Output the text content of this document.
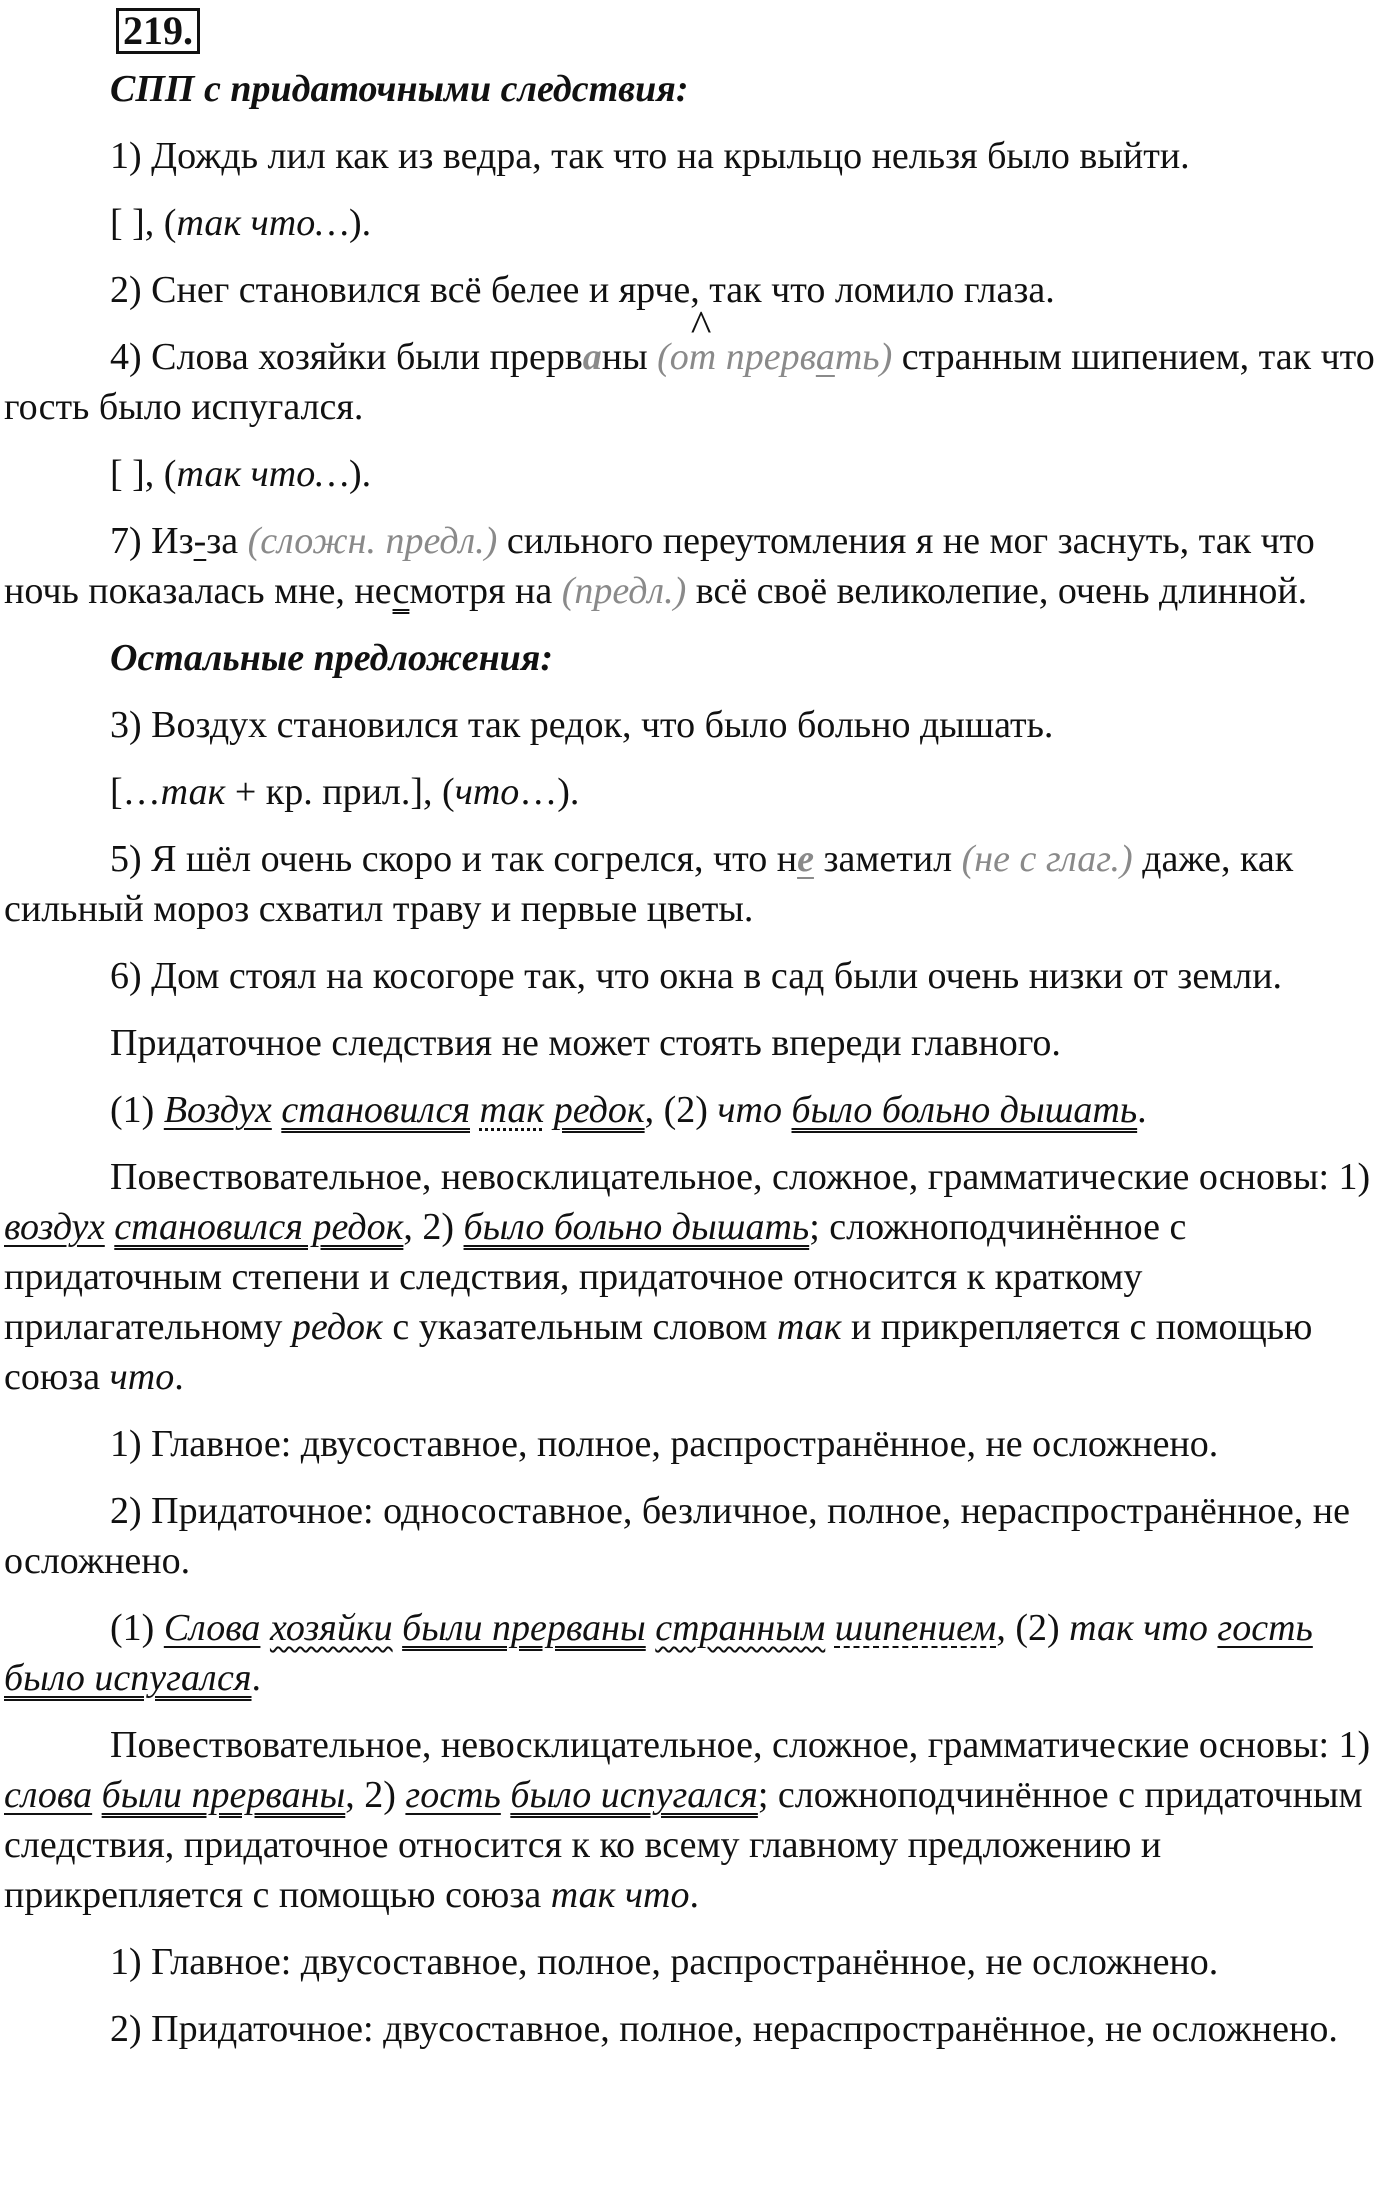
219.

СПП с придаточными следствия:

1) Дождь лил как из ведра, так что на крыльцо нельзя было выйти.

[ ], (так что…).

2) Снег становился всё белее и ярче, так что ломило глаза.

4) Слова хозяйки были прерв^ аны (от прервать) странным шипением, так что гость было испугался.

[ ], (так что…).

7) Из-за (сложн. предл.) сильного переутомления я не мог заснуть, так что ночь показалась мне, несмотря на (предл.) всё своё великолепие, очень длинной.

Остальные предложения:

3) Воздух становился так редок, что было больно дышать.

[…так + кр. прил.], (что…).

5) Я шёл очень скоро и так согрелся, что не заметил (не с глаг.) даже, как сильный мороз схватил траву и первые цветы.

6) Дом стоял на косогоре так, что окна в сад были очень низки от земли.

Придаточное следствия не может стоять впереди главного.

(1) Воздух становился так редок, (2) что было больно дышать.

Повествовательное, невосклицательное, сложное, грамматические основы: 1) воздух становился редок, 2) было больно дышать; сложноподчинённое с придаточным степени и следствия, придаточное относится к краткому прилагательному редок с указательным словом так и прикрепляется с помощью союза что.

1) Главное: двусоставное, полное, распространённое, не осложнено.

2) Придаточное: односоставное, безличное, полное, нераспространённое, не осложнено.

(1) Слова хозяйки были прерваны странным шипением, (2) так что гость было испугался.

Повествовательное, невосклицательное, сложное, грамматические основы: 1) слова были прерваны, 2) гость было испугался; сложноподчинённое с придаточным следствия, придаточное относится к ко всему главному предложению и прикрепляется с помощью союза так что.

1) Главное: двусоставное, полное, распространённое, не осложнено.

2) Придаточное: двусоставное, полное, нераспространённое, не осложнено.
